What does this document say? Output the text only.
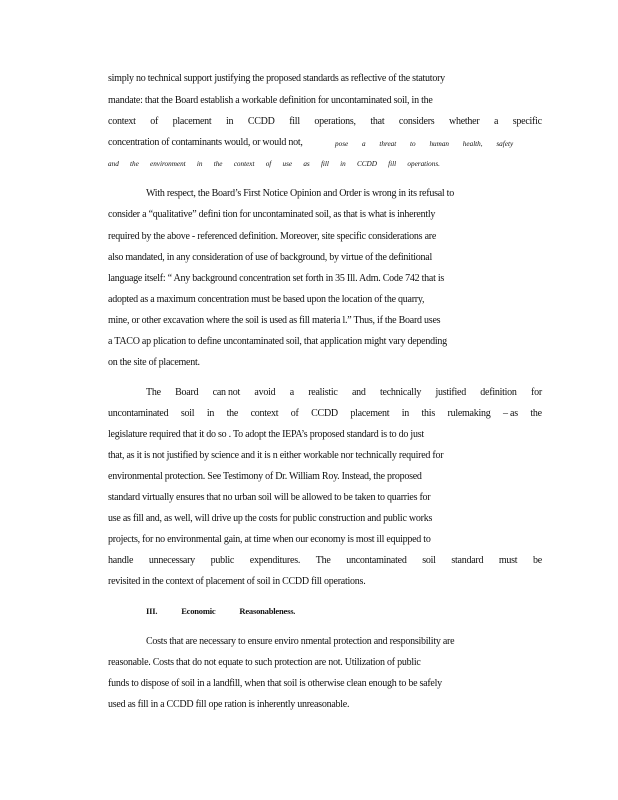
simply no technical support justifying the proposed standards as reflective of the statutory
mandate: that the Board establish a workable definition for uncontaminated soil, in the
context of placement in CCDD fill operations, that considers whether a specific
concentration of contaminants would, or would not,	pose a threat to human health, safety
and the environment in the context of use as fill in CCDD fill operations.
With respect, the Board’s First Notice Opinion and Order is wrong in its refusal to
consider a “qualitative” defini tion for uncontaminated soil, as that is what is inherently
required by the above - referenced definition. Moreover, site specific considerations are
also mandated, in any consideration of use of background, by virtue of the definitional
language itself: “ Any background concentration set forth in 35 Ill. Adm. Code 742 that is
adopted as a maximum concentration must be based upon the location of the quarry,
mine, or other excavation where the soil is used as fill materia l.” Thus, if the Board uses
a TACO ap plication to define uncontaminated soil, that application might vary depending
on the site of placement.
The Board can not avoid a realistic and technically justified definition for
uncontaminated soil in the context of CCDD placement in this rulemaking – as the
legislature required that it do so . To adopt the IEPA’s proposed standard is to do just
that, as it is not justified by science and it is n either workable nor technically required for
environmental protection. See Testimony of Dr. William Roy. Instead, the proposed
standard virtually ensures that no urban soil will be allowed to be taken to quarries for
use as fill and, as well, will drive up the costs for public construction and public works
projects, for no environmental gain, at time when our economy is most ill equipped to
handle unnecessary public expenditures. The uncontaminated soil standard must be
revisited in the context of placement of soil in CCDD fill operations.
III.	Economic	Reasonableness.
Costs that are necessary to ensure enviro nmental protection and responsibility are
reasonable. Costs that do not equate to such protection are not. Utilization of public
funds to dispose of soil in a landfill, when that soil is otherwise clean enough to be safely
used as fill in a CCDD fill ope ration is inherently unreasonable.
